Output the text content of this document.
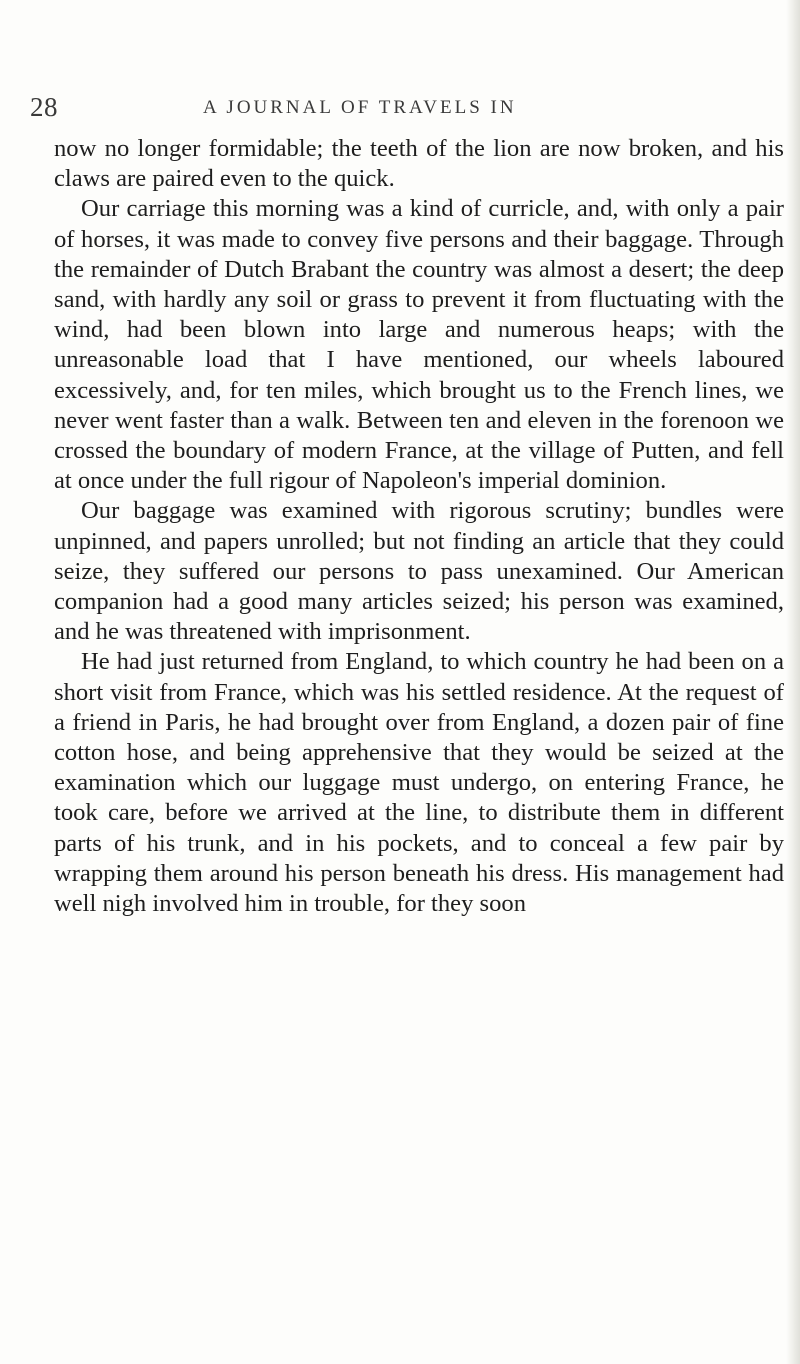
28	A JOURNAL OF TRAVELS IN

now no longer formidable; the teeth of the lion are now broken, and his claws are paired even to the quick.

Our carriage this morning was a kind of curricle, and, with only a pair of horses, it was made to convey five persons and their baggage. Through the remainder of Dutch Brabant the country was almost a desert; the deep sand, with hardly any soil or grass to prevent it from fluctuating with the wind, had been blown into large and numerous heaps; with the unreasonable load that I have mentioned, our wheels laboured excessively, and, for ten miles, which brought us to the French lines, we never went faster than a walk. Between ten and eleven in the forenoon we crossed the boundary of modern France, at the village of Putten, and fell at once under the full rigour of Napoleon's imperial dominion.

Our baggage was examined with rigorous scrutiny; bundles were unpinned, and papers unrolled; but not finding an article that they could seize, they suffered our persons to pass unexamined. Our American companion had a good many articles seized; his person was examined, and he was threatened with imprisonment.

He had just returned from England, to which country he had been on a short visit from France, which was his settled residence. At the request of a friend in Paris, he had brought over from England, a dozen pair of fine cotton hose, and being apprehensive that they would be seized at the examination which our luggage must undergo, on entering France, he took care, before we arrived at the line, to distribute them in different parts of his trunk, and in his pockets, and to conceal a few pair by wrapping them around his person beneath his dress. His management had well nigh involved him in trouble, for they soon
